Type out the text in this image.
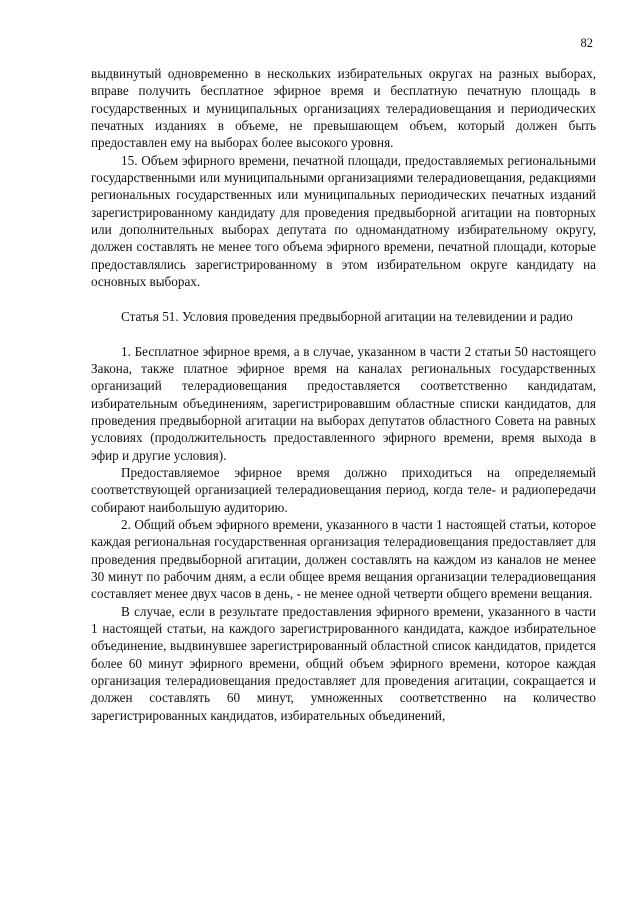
82

выдвинутый одновременно в нескольких избирательных округах на разных выборах, вправе получить бесплатное эфирное время и бесплатную печатную площадь в государственных и муниципальных организациях телерадиовещания и периодических печатных изданиях в объеме, не превышающем объем, который должен быть предоставлен ему на выборах более высокого уровня.

15. Объем эфирного времени, печатной площади, предоставляемых региональными государственными или муниципальными организациями телерадиовещания, редакциями региональных государственных или муниципальных периодических печатных изданий зарегистрированному кандидату для проведения предвыборной агитации на повторных или дополнительных выборах депутата по одномандатному избирательному округу, должен составлять не менее того объема эфирного времени, печатной площади, которые предоставлялись зарегистрированному в этом избирательном округе кандидату на основных выборах.

Статья 51. Условия проведения предвыборной агитации на телевидении и радио

1. Бесплатное эфирное время, а в случае, указанном в части 2 статьи 50 настоящего Закона, также платное эфирное время на каналах региональных государственных организаций телерадиовещания предоставляется соответственно кандидатам, избирательным объединениям, зарегистрировавшим областные списки кандидатов, для проведения предвыборной агитации на выборах депутатов областного Совета на равных условиях (продолжительность предоставленного эфирного времени, время выхода в эфир и другие условия).

Предоставляемое эфирное время должно приходиться на определяемый соответствующей организацией телерадиовещания период, когда теле- и радиопередачи собирают наибольшую аудиторию.

2. Общий объем эфирного времени, указанного в части 1 настоящей статьи, которое каждая региональная государственная организация телерадиовещания предоставляет для проведения предвыборной агитации, должен составлять на каждом из каналов не менее 30 минут по рабочим дням, а если общее время вещания организации телерадиовещания составляет менее двух часов в день, - не менее одной четверти общего времени вещания.

В случае, если в результате предоставления эфирного времени, указанного в части 1 настоящей статьи, на каждого зарегистрированного кандидата, каждое избирательное объединение, выдвинувшее зарегистрированный областной список кандидатов, придется более 60 минут эфирного времени, общий объем эфирного времени, которое каждая организация телерадиовещания предоставляет для проведения агитации, сокращается и должен составлять 60 минут, умноженных соответственно на количество зарегистрированных кандидатов, избирательных объединений,
